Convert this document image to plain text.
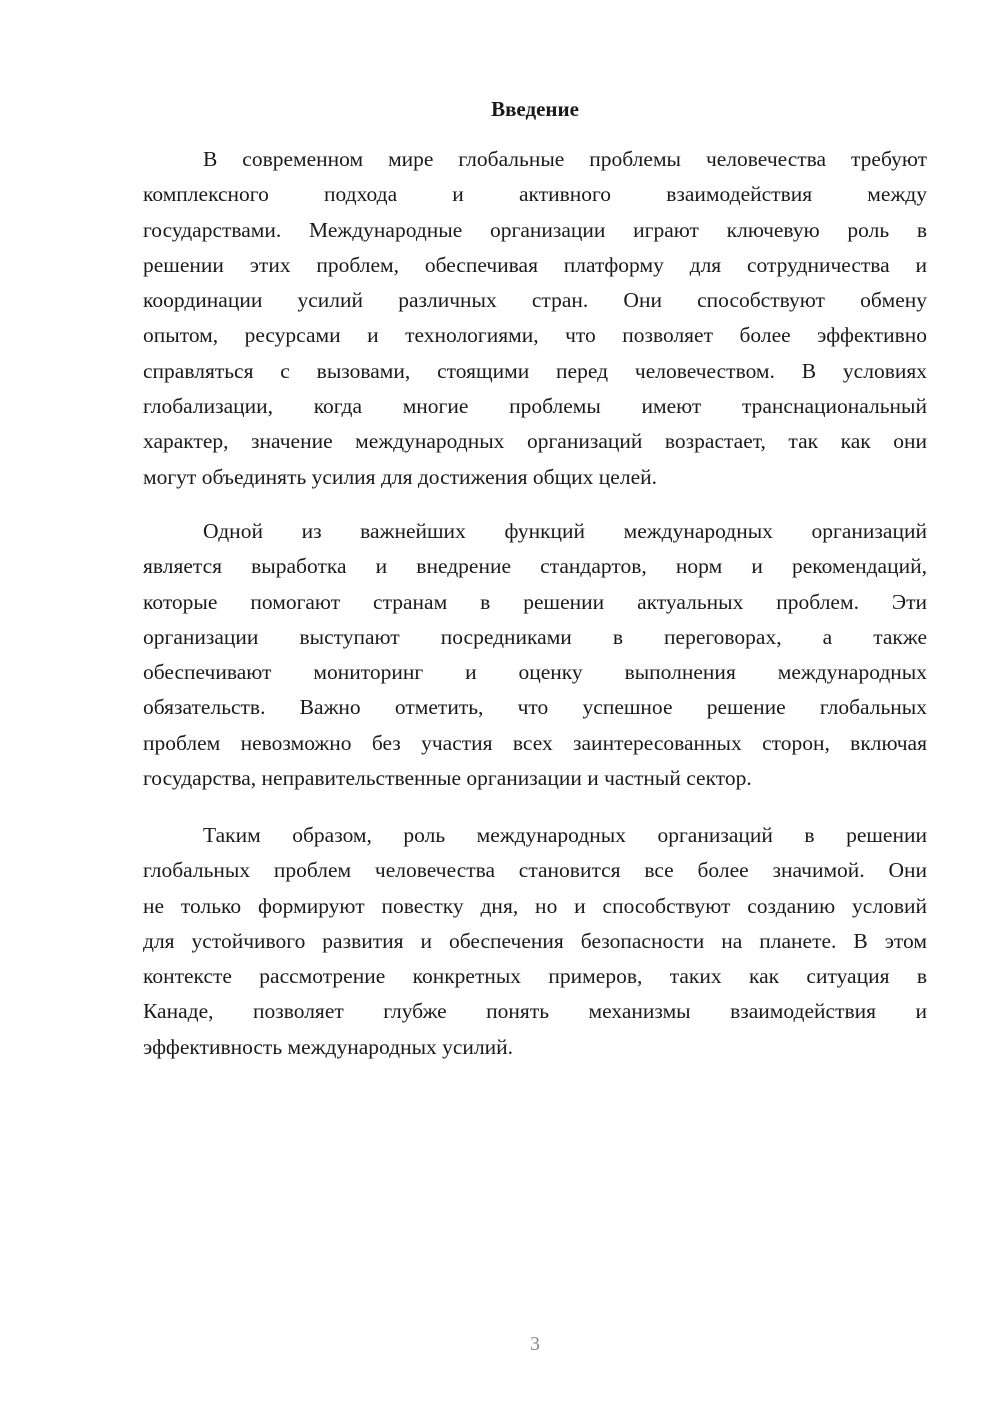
Введение
В современном мире глобальные проблемы человечества требуют
комплексного подхода и активного взаимодействия между
государствами. Международные организации играют ключевую роль в
решении этих проблем, обеспечивая платформу для сотрудничества и
координации усилий различных стран. Они способствуют обмену
опытом, ресурсами и технологиями, что позволяет более эффективно
справляться с вызовами, стоящими перед человечеством. В условиях
глобализации, когда многие проблемы имеют транснациональный
характер, значение международных организаций возрастает, так как они
могут объединять усилия для достижения общих целей.
Одной из важнейших функций международных организаций
является выработка и внедрение стандартов, норм и рекомендаций,
которые помогают странам в решении актуальных проблем. Эти
организации выступают посредниками в переговорах, а также
обеспечивают мониторинг и оценку выполнения международных
обязательств. Важно отметить, что успешное решение глобальных
проблем невозможно без участия всех заинтересованных сторон, включая
государства, неправительственные организации и частный сектор.
Таким образом, роль международных организаций в решении
глобальных проблем человечества становится все более значимой. Они
не только формируют повестку дня, но и способствуют созданию условий
для устойчивого развития и обеспечения безопасности на планете. В этом
контексте рассмотрение конкретных примеров, таких как ситуация в
Канаде, позволяет глубже понять механизмы взаимодействия и
эффективность международных усилий.
3
